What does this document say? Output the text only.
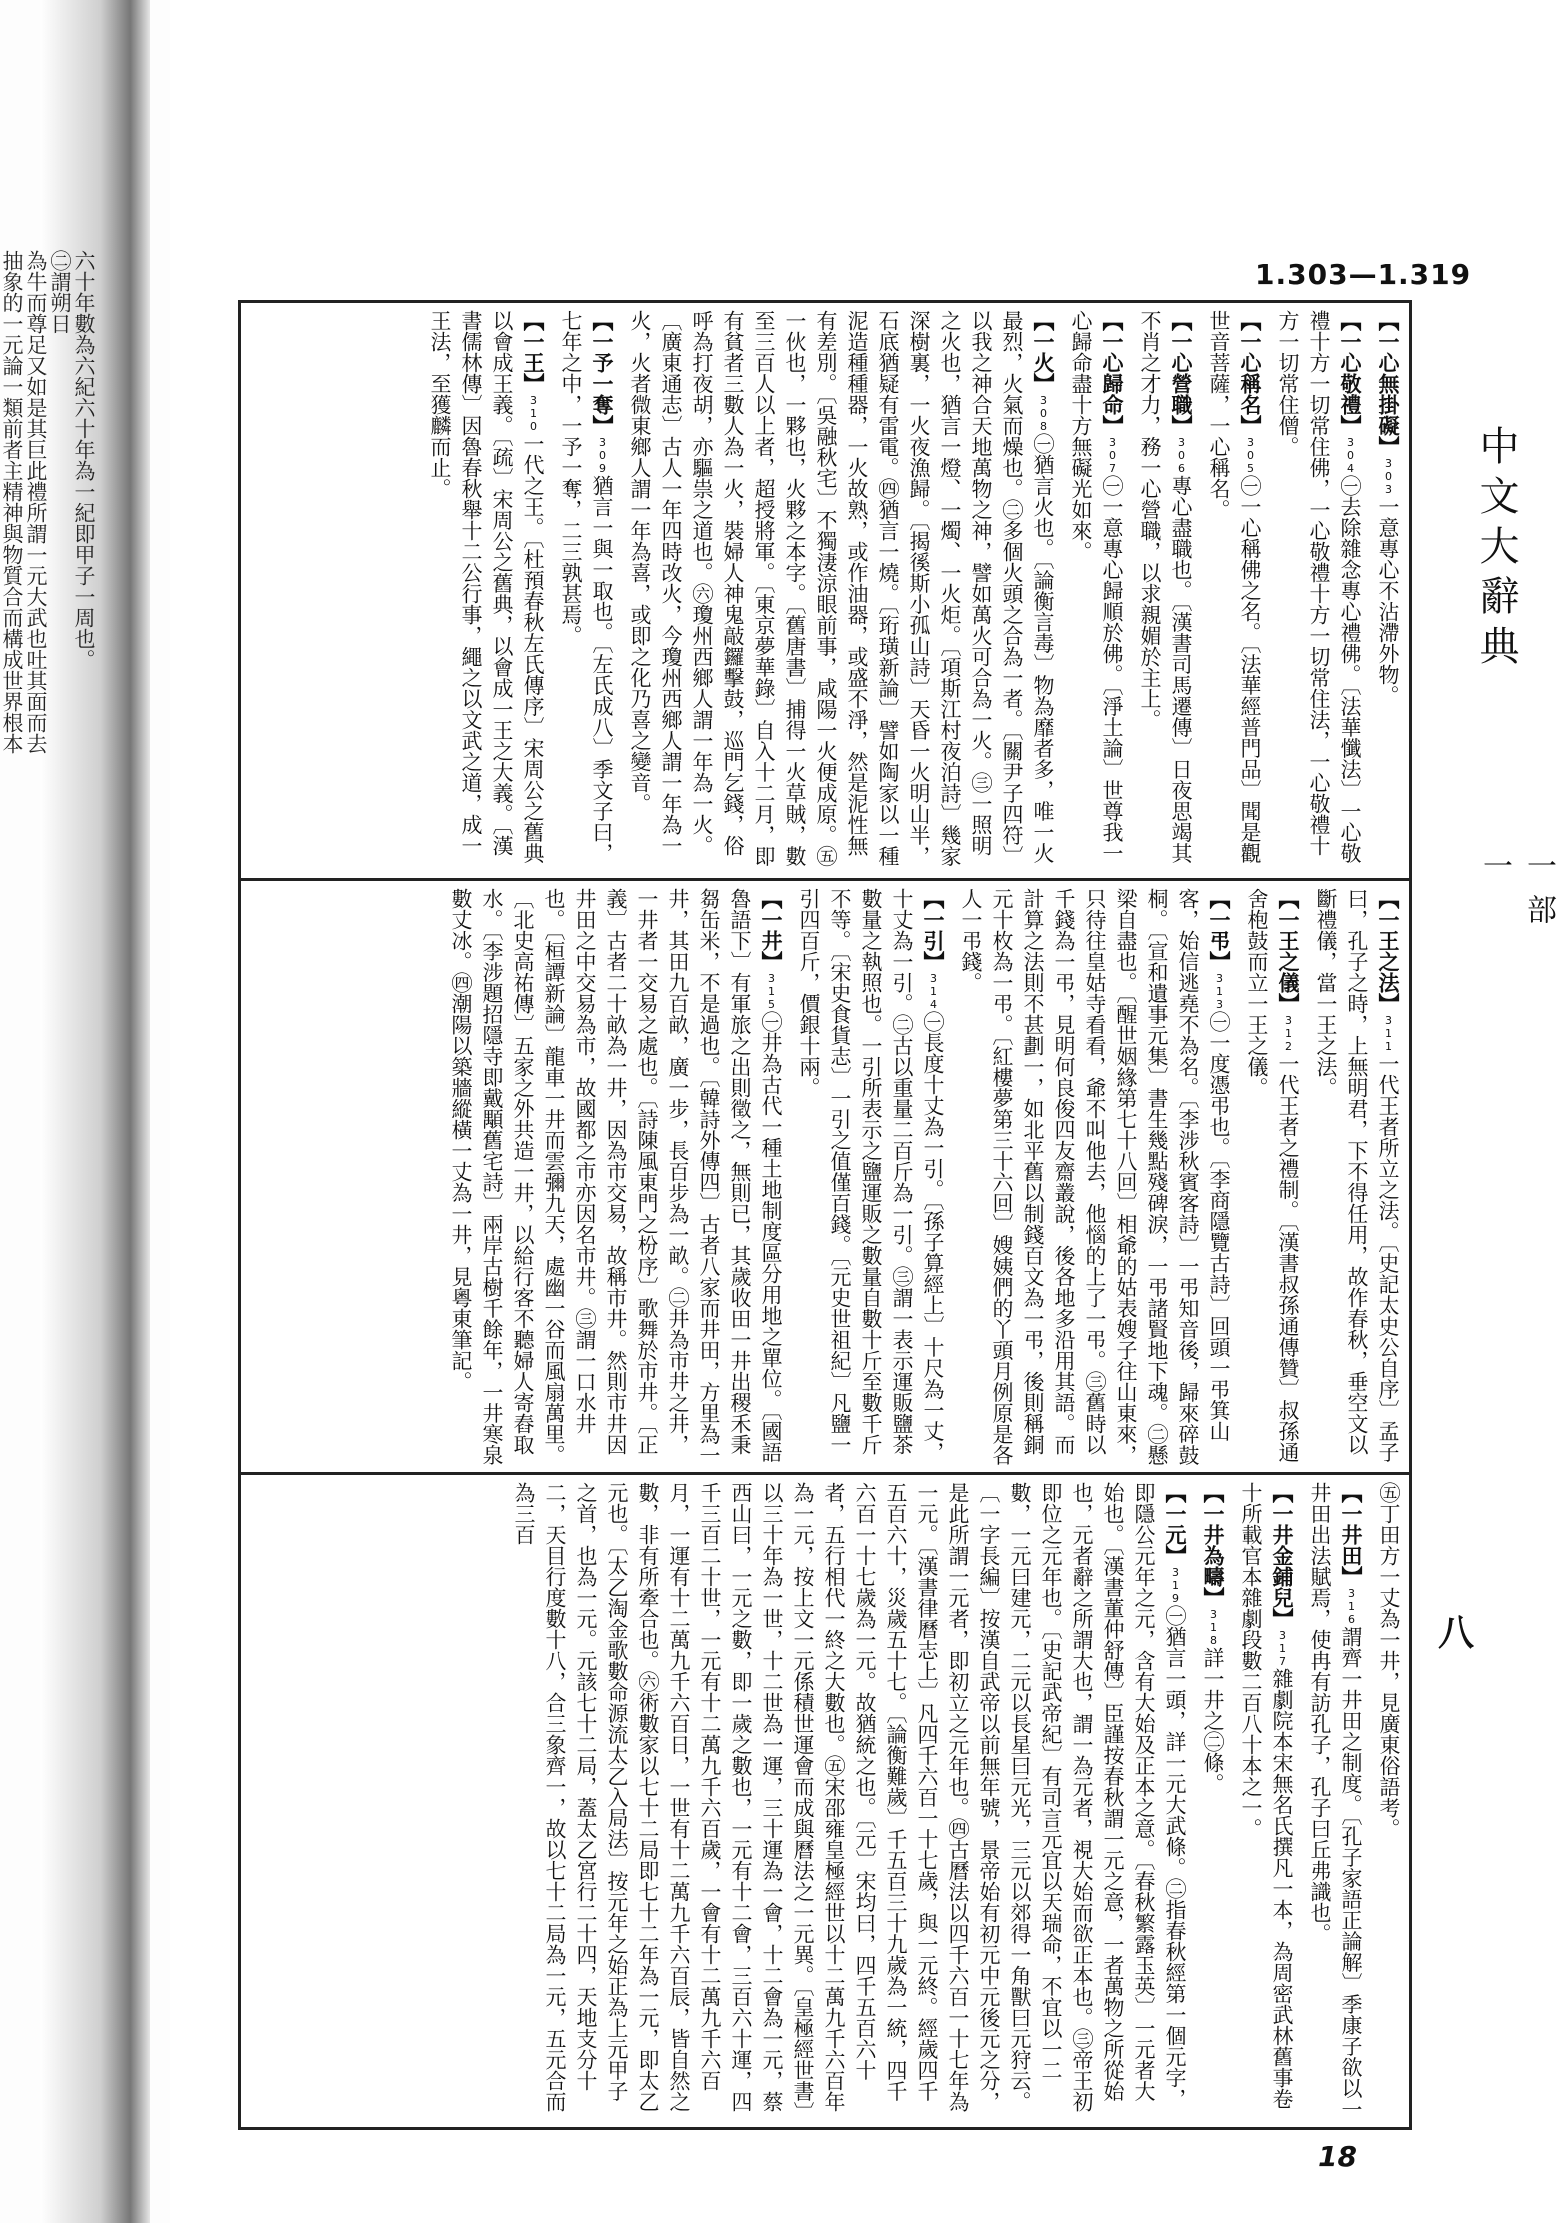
六十年數為六紀六十年為一紀即甲子一周也。

㊁謂朔日

為牛而尊足又如是其巨此禮所謂一元大武也吐其面而去

抽象的一元論一類前者主精神與物質合而構成世界根本	1.303—1.319
中文大辭典
一部 一
八
18

【一心無掛礙】303一意專心不沾滯外物。

【一心敬禮】304㊀去除雜念專心禮佛。〔法華懺法〕一心敬禮十方一切常住佛，一心敬禮十方一切常住法，一心敬禮十方一切常住僧。

【一心稱名】305㊀一心稱佛之名。〔法華經普門品〕聞是觀世音菩薩，一心稱名。

【一心營職】306專心盡職也。〔漢書司馬遷傳〕日夜思竭其不肖之才力，務一心營職，以求親媚於主上。

【一心歸命】307㊀一意專心歸順於佛。〔淨土論〕世尊我一心歸命盡十方無礙光如來。

【一火】308㊀猶言火也。〔論衡言毒〕物為靡者多，唯一火最烈，火氣而燥也。㊁多個火頭之合為一者。〔關尹子四符〕以我之神合天地萬物之神，譬如萬火可合為一火。㊂一照明之火也，猶言一燈、一燭、一火炬。〔項斯江村夜泊詩〕幾家深樹裏，一火夜漁歸。〔揭徯斯小孤山詩〕天昏一火明山半，石底猶疑有雷電。㊃猶言一燒。〔珩璜新論〕譬如陶家以一種泥造種種器，一火故熟，或作油器，或盛不淨，然是泥性無有差別。〔吳融秋宅〕不獨淒涼眼前事，咸陽一火便成原。㊄一伙也，一夥也，火夥之本字。〔舊唐書〕捕得一火草賊，數至三百人以上者，超授將軍。〔東京夢華錄〕自入十二月，即有貧者三數人為一火，裝婦人神鬼敲鑼擊鼓，巡門乞錢，俗呼為打夜胡，亦驅祟之道也。㊅瓊州西鄉人謂一年為一火。〔廣東通志〕古人一年四時改火，今瓊州西鄉人謂一年為一火，火者微東鄉人謂一年為喜，或即之化乃喜之變音。

【一予一奪】309猶言一與一取也。〔左氏成八〕季文子曰，七年之中，一予一奪，二三孰甚焉。

【一王】310一代之王。〔杜預春秋左氏傳序〕宋周公之舊典以會成王義。〔疏〕宋周公之舊典，以會成一王之大義。〔漢書儒林傳〕因魯春秋舉十二公行事，繩之以文武之道，成一王法，至獲麟而止。

【一王之法】311一代王者所立之法。〔史記太史公自序〕孟子曰，孔子之時，上無明君，下不得任用，故作春秋，垂空文以斷禮儀，當一王之法。

【一王之儀】312一代王者之禮制。〔漢書叔孫通傳贊〕叔孫通舍枹鼓而立一王之儀。

【一弔】313㊀一度憑弔也。〔李商隱覽古詩〕回頭一弔箕山客，始信逃堯不為名。〔李涉秋賓客詩〕一弔知音後，歸來碎鼓桐。〔宣和遺事元集〕書生幾點殘碑淚，一弔諸賢地下魂。㊁懸梁自盡也。〔醒世姻緣第七十八回〕相爺的姑表嫂子往山東來，只待往皇姑寺看看，爺不叫他去，他惱的上了一弔。㊂舊時以千錢為一弔，見明何良俊四友齋叢說，後各地多沿用其語。而計算之法則不甚劃一，如北平舊以制錢百文為一弔，後則稱銅元十枚為一弔。〔紅樓夢第三十六回〕嫂姨們的丫頭月例原是各人一弔錢。

【一引】314㊀長度十丈為一引。〔孫子算經上〕十尺為一丈，十丈為一引。㊁古以重量二百斤為一引。㊂謂一表示運販鹽茶數量之執照也。一引所表示之鹽運販之數量自數十斤至數千斤不等。〔宋史食貨志〕一引之值僅百錢。〔元史世祖紀〕凡鹽一引四百斤，價銀十兩。

【一井】315㊀井為古代一種土地制度區分用地之單位。〔國語魯語下〕有軍旅之出則徵之，無則已，其歲收田一井出稷禾秉芻缶米，不是過也。〔韓詩外傳四〕古者八家而井田，方里為一井，其田九百畝，廣一步，長百步為一畝。㊁井為市井之井，一井者一交易之處也。〔詩陳風東門之枌序〕歌舞於市井。〔正義〕古者二十畝為一井，因為市交易，故稱市井。然則市井因井田之中交易為市，故國都之市亦因名市井。㊂謂一口水井也。〔桓譚新論〕龍車一井而雲彌九天，處幽一谷而風扇萬里。〔北史高祐傳〕五家之外共造一井，以給行客不聽婦人寄舂取水。〔李涉題招隱寺即戴顒舊宅詩〕兩岸古樹千餘年，一井寒泉數丈冰。㊃潮陽以築牆縱橫一丈為一井，見粵東筆記。

㊄丁田方一丈為一井，見廣東俗語考。

【一井田】316謂齊一井田之制度。〔孔子家語正論解〕季康子欲以一井田出法賦焉，使冉有訪孔子，孔子曰丘弗識也。

【一井金鋪兒】317雜劇院本宋無名氏撰凡一本，為周密武林舊事卷十所載官本雜劇段數二百八十本之一。

【一井為疇】318詳一井之㊁條。

【一元】319㊀猶言一頭，詳一元大武條。㊁指春秋經第一個元字，即隱公元年之元，含有大始及正本之意。〔春秋繁露玉英〕一元者大始也。〔漢書董仲舒傳〕臣謹按春秋謂一元之意，一者萬物之所從始也，元者辭之所謂大也，謂一為元者，視大始而欲正本也。㊂帝王初即位之元年也。〔史記武帝紀〕有司言元宜以天瑞命，不宜以一二數，一元曰建元，二元以長星曰元光，三元以郊得一角獸曰元狩云。〔一字長編〕按漢自武帝以前無年號，景帝始有初元中元後元之分，是此所謂一元者，即初立之元年也。㊃古曆法以四千六百一十七年為一元。〔漢書律曆志上〕凡四千六百一十七歲，與一元終。經歲四千五百六十，災歲五十七。〔論衡難歲〕千五百三十九歲為一統，四千六百一十七歲為一元。故猶統之也。〔元〕宋均曰，四千五百六十者，五行相代一終之大數也。㊄宋邵雍皇極經世以十二萬九千六百年為一元，按上文一元係積世運會而成與曆法之一元異。〔皇極經世書〕以三十年為一世，十二世為一運，三十運為一會，十二會為一元，蔡西山曰，一元之數，即一歲之數也，一元有十二會，三百六十運，四千三百二十世，一元有十二萬九千六百歲，一會有十二萬九千六百月，一運有十二萬九千六百日，一世有十二萬九千六百辰，皆自然之數，非有所牽合也。㊅術數家以七十二局即七十二年為一元，即太乙元也。〔太乙淘金歌數命源流太乙入局法〕按元年之始正為上元甲子之首，也為一元。元該七十二局，蓋太乙宮行二十四，天地支分十二，天目行度數十八，合三象齊一，故以七十二局為一元，五元合而為三百
